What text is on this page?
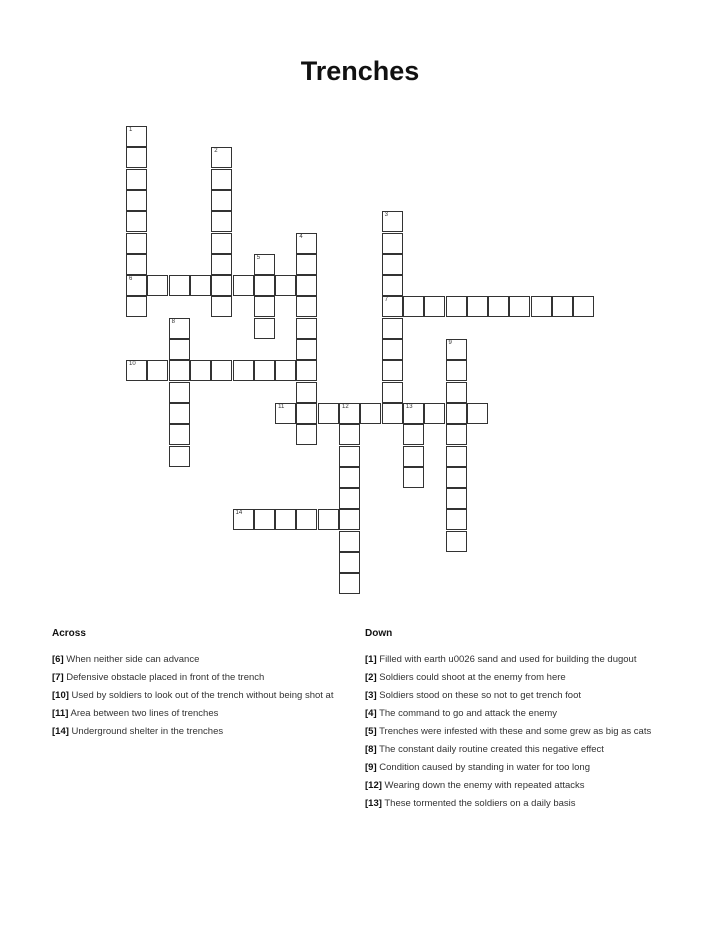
Trenches
1
6
2
3
7
4
5
8
9
10
11	12	13
14
Across
[6] When neither side can advance
[7] Defensive obstacle placed in front of the trench
[10] Used by soldiers to look out of the trench without being shot at
[11] Area between two lines of trenches
[14] Underground shelter in the trenches
Down
[1] Filled with earth u0026 sand and used for building the dugout
[2] Soldiers could shoot at the enemy from here
[3] Soldiers stood on these so not to get trench foot
[4] The command to go and attack the enemy
[5] Trenches were infested with these and some grew as big as cats
[8] The constant daily routine created this negative effect
[9] Condition caused by standing in water for too long
[12] Wearing down the enemy with repeated attacks
[13] These tormented the soldiers on a daily basis
